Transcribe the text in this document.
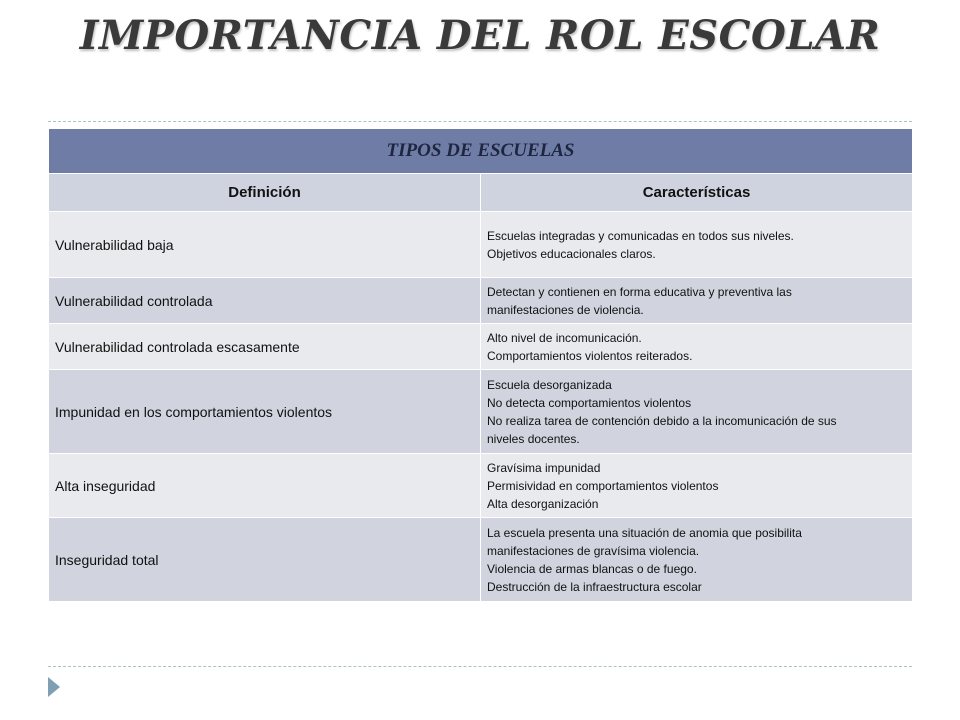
IMPORTANCIA DEL ROL ESCOLAR
TIPOS DE ESCUELAS	
Definición	Características
Vulnerabilidad baja	Escuelas integradas y comunicadas en todos sus niveles.
Objetivos educacionales claros.

Vulnerabilidad controlada	Detectan y contienen en forma educativa y preventiva las
manifestaciones de violencia.

Vulnerabilidad controlada escasamente	Alto nivel de incomunicación.
Comportamientos violentos reiterados.

Impunidad en los comportamientos violentos	Escuela desorganizada
No detecta comportamientos violentos
No realiza tarea de contención debido a la incomunicación de sus
niveles docentes.

Alta inseguridad	Gravísima impunidad
Permisividad en comportamientos violentos
Alta desorganización

Inseguridad total	La escuela presenta una situación de anomia que posibilita
manifestaciones de gravísima violencia.
Violencia de armas blancas o de fuego.
Destrucción de la infraestructura escolar
